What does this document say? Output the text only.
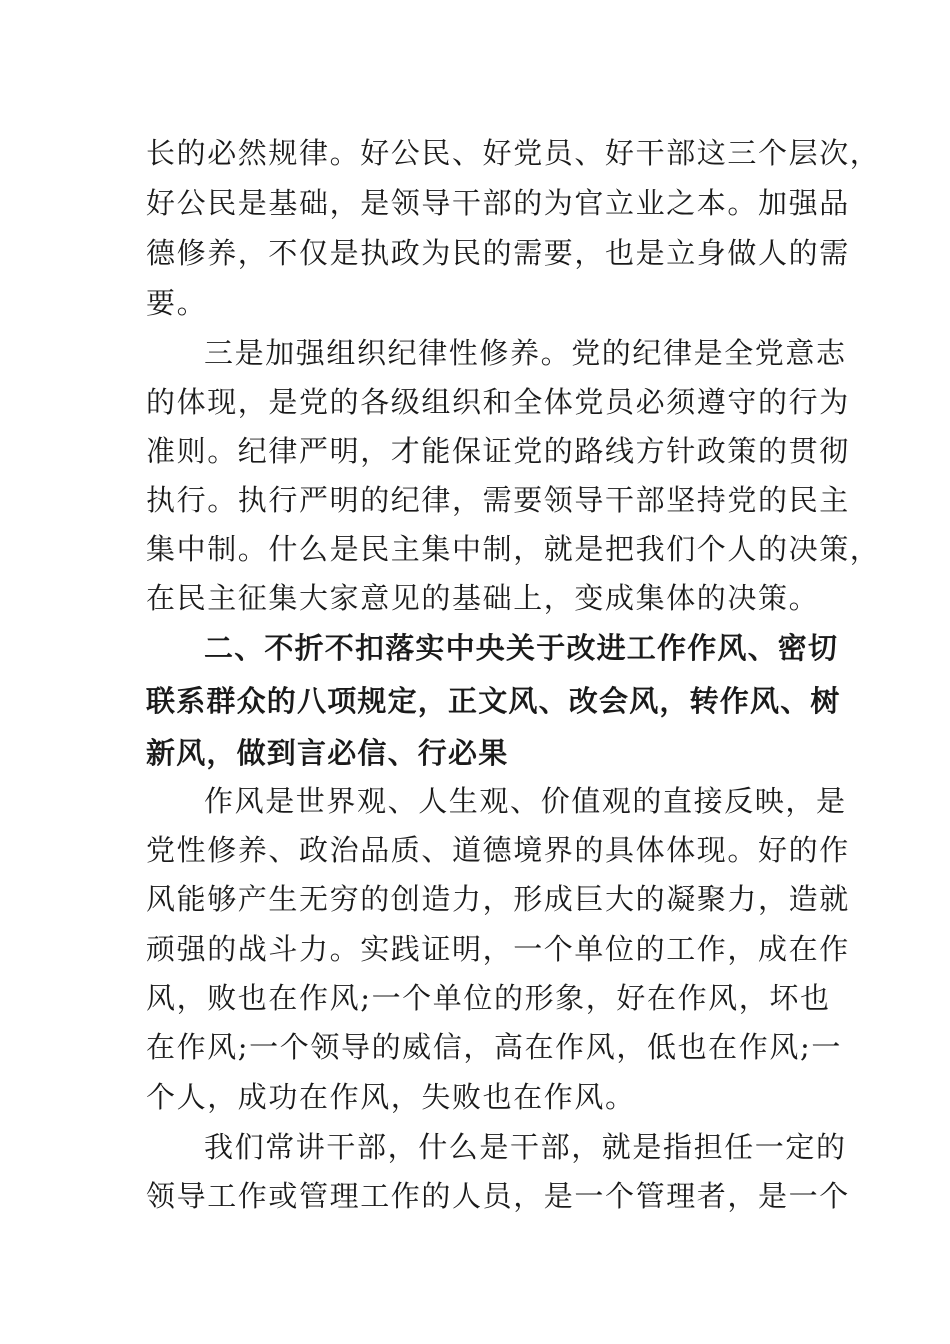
长的必然规律。好公民、好党员、好干部这三个层次，
好公民是基础，是领导干部的为官立业之本。加强品
德修养，不仅是执政为民的需要，也是立身做人的需
要。
三是加强组织纪律性修养。党的纪律是全党意志
的体现，是党的各级组织和全体党员必须遵守的行为
准则。纪律严明，才能保证党的路线方针政策的贯彻
执行。执行严明的纪律，需要领导干部坚持党的民主
集中制。什么是民主集中制，就是把我们个人的决策，
在民主征集大家意见的基础上，变成集体的决策。
二、不折不扣落实中央关于改进工作作风、密切
联系群众的八项规定，正文风、改会风，转作风、树
新风，做到言必信、行必果
作风是世界观、人生观、价值观的直接反映，是
党性修养、政治品质、道德境界的具体体现。好的作
风能够产生无穷的创造力，形成巨大的凝聚力，造就
顽强的战斗力。实践证明，一个单位的工作，成在作
风，败也在作风;一个单位的形象，好在作风，坏也
在作风;一个领导的威信，高在作风，低也在作风;一
个人，成功在作风，失败也在作风。
我们常讲干部，什么是干部，就是指担任一定的
领导工作或管理工作的人员，是一个管理者，是一个
